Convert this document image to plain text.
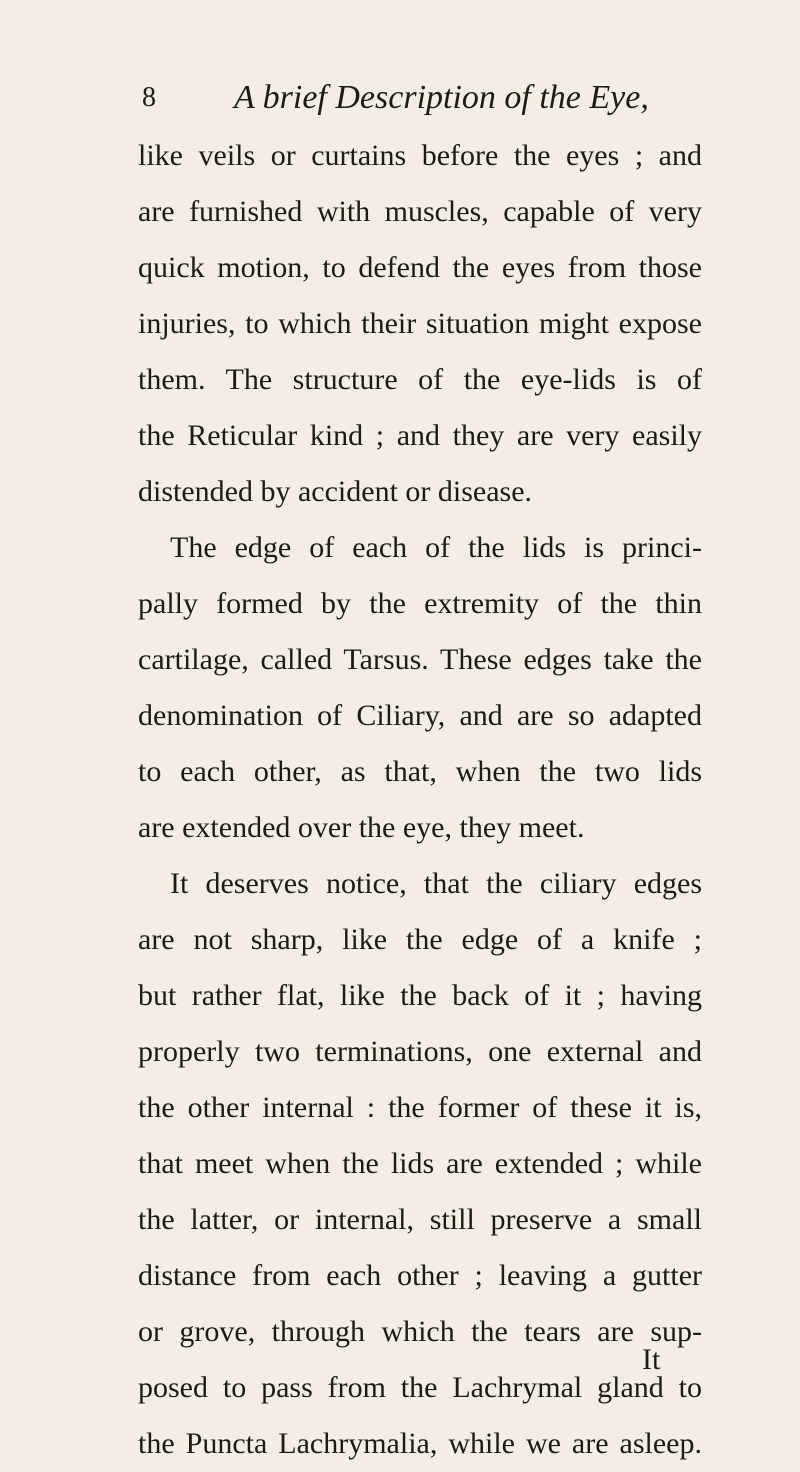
8 A brief Description of the Eye,
like veils or curtains before the eyes ; and
are furnished with muscles, capable of very
quick motion, to defend the eyes from those
injuries, to which their situation might expose
them. The structure of the eye-lids is of
the Reticular kind ; and they are very easily
distended by accident or disease.
The edge of each of the lids is princi-
pally formed by the extremity of the thin
cartilage, called Tarsus. These edges take the
denomination of Ciliary, and are so adapted
to each other, as that, when the two lids
are extended over the eye, they meet.
It deserves notice, that the ciliary edges
are not sharp, like the edge of a knife ;
but rather flat, like the back of it ; having
properly two terminations, one external and
the other internal : the former of these it is,
that meet when the lids are extended ; while
the latter, or internal, still preserve a small
distance from each other ; leaving a gutter
or grove, through which the tears are sup-
posed to pass from the Lachrymal gland to
the Puncta Lachrymalia, while we are asleep.
It
